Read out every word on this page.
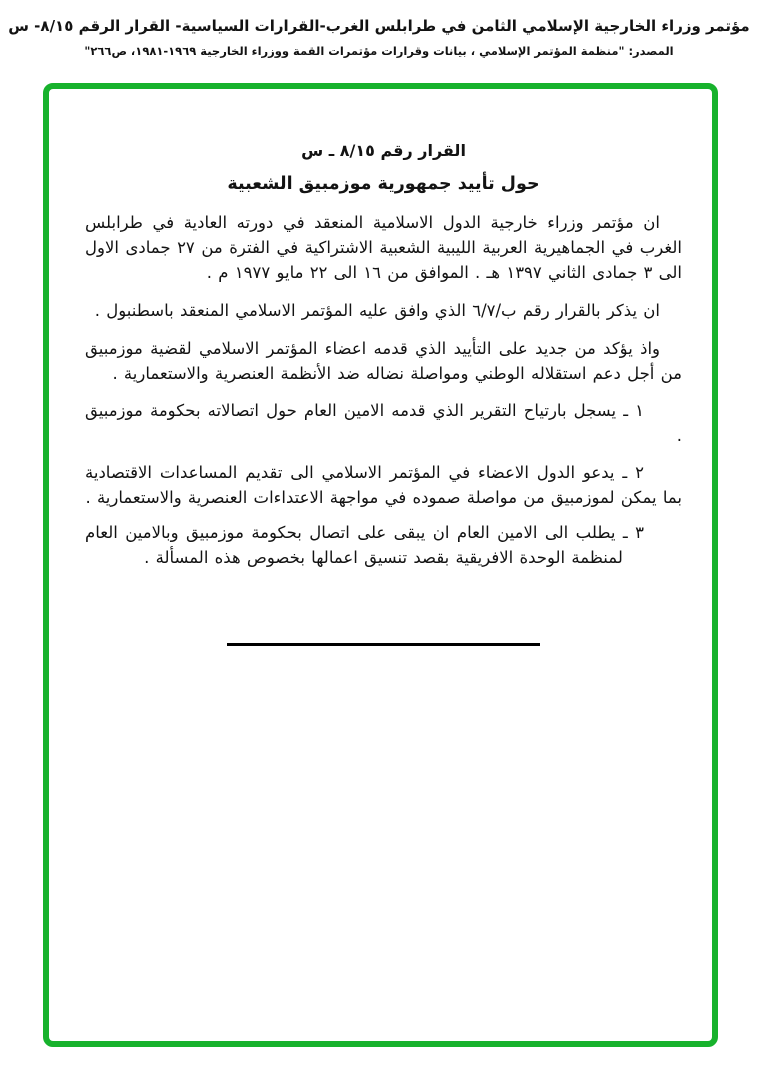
مؤتمر وزراء الخارجية الإسلامي الثامن في طرابلس الغرب-القرارات السياسية- القرار الرقم ٨/١٥- س
المصدر: "منظمة المؤتمر الإسلامي ، بيانات وقرارات مؤتمرات القمة ووزراء الخارجية ١٩٦٩-١٩٨١، ص٢٦٦"
القرار رقم ٨/١٥ ـ س
حول تأييد جمهورية موزمبيق الشعبية

ان مؤتمر وزراء خارجية الدول الاسلامية المنعقد في دورته العادية في طرابلس الغرب في الجماهيرية العربية الليبية الشعبية الاشتراكية في الفترة من ٢٧ جمادى الاول الى ٣ جمادى الثاني ١٣٩٧ هـ . الموافق من ١٦ الى ٢٢ مايو ١٩٧٧ م .

ان يذكر بالقرار رقم ‭٦/٧/ب‬ الذي وافق عليه المؤتمر الاسلامي المنعقد باسطنبول .

واذ يؤكد من جديد على التأييد الذي قدمه اعضاء المؤتمر الاسلامي لقضية موزمبيق من أجل دعم استقلاله الوطني ومواصلة نضاله ضد الأنظمة العنصرية والاستعمارية .

١ ـ يسجل بارتياح التقرير الذي قدمه الامين العام حول اتصالاته بحكومة موزمبيق .

٢ ـ يدعو الدول الاعضاء في المؤتمر الاسلامي الى تقديم المساعدات الاقتصادية بما يمكن لموزمبيق من مواصلة صموده في مواجهة الاعتداءات العنصرية والاستعمارية .

٣ ـ يطلب الى الامين العام ان يبقى على اتصال بحكومة موزمبيق وبالامين العام لمنظمة الوحدة الافريقية بقصد تنسيق اعمالها بخصوص هذه المسألة .
